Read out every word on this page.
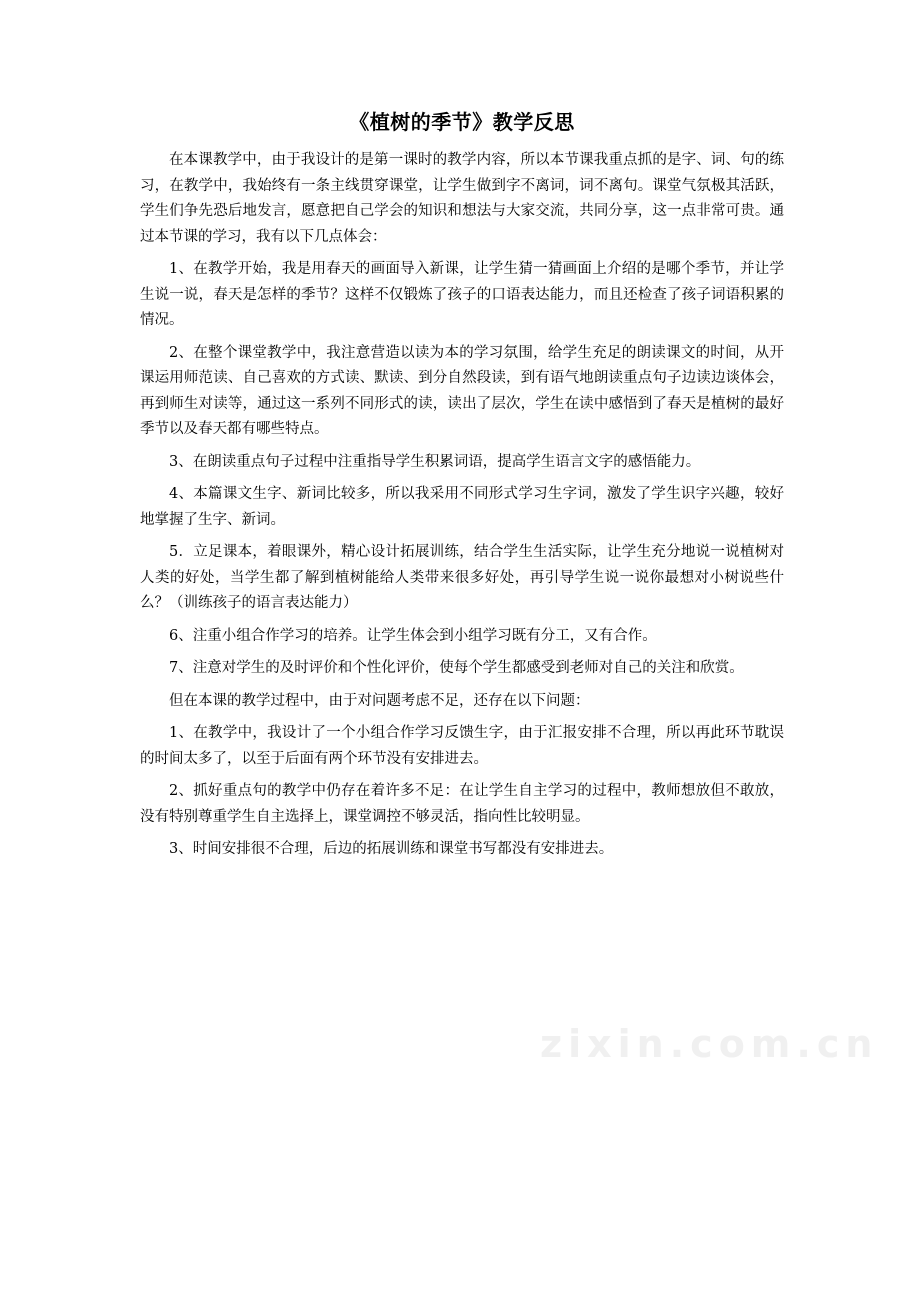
《植树的季节》教学反思

在本课教学中，由于我设计的是第一课时的教学内容，所以本节课我重点抓的是字、词、句的练习，在教学中，我始终有一条主线贯穿课堂，让学生做到字不离词，词不离句。课堂气氛极其活跃，学生们争先恐后地发言，愿意把自己学会的知识和想法与大家交流，共同分享，这一点非常可贵。通过本节课的学习，我有以下几点体会：

1、在教学开始，我是用春天的画面导入新课，让学生猜一猜画面上介绍的是哪个季节，并让学生说一说，春天是怎样的季节？这样不仅锻炼了孩子的口语表达能力，而且还检查了孩子词语积累的情况。

2、在整个课堂教学中，我注意营造以读为本的学习氛围，给学生充足的朗读课文的时间，从开课运用师范读、自己喜欢的方式读、默读、到分自然段读，到有语气地朗读重点句子边读边谈体会，再到师生对读等，通过这一系列不同形式的读，读出了层次，学生在读中感悟到了春天是植树的最好季节以及春天都有哪些特点。

3、在朗读重点句子过程中注重指导学生积累词语，提高学生语言文字的感悟能力。

4、本篇课文生字、新词比较多，所以我采用不同形式学习生字词，激发了学生识字兴趣，较好地掌握了生字、新词。

5．立足课本，着眼课外，精心设计拓展训练，结合学生生活实际，让学生充分地说一说植树对人类的好处，当学生都了解到植树能给人类带来很多好处，再引导学生说一说你最想对小树说些什么？（训练孩子的语言表达能力）

6、注重小组合作学习的培养。让学生体会到小组学习既有分工，又有合作。

7、注意对学生的及时评价和个性化评价，使每个学生都感受到老师对自己的关注和欣赏。

但在本课的教学过程中，由于对问题考虑不足，还存在以下问题：

1、在教学中，我设计了一个小组合作学习反馈生字，由于汇报安排不合理，所以再此环节耽误的时间太多了，以至于后面有两个环节没有安排进去。

2、抓好重点句的教学中仍存在着许多不足：在让学生自主学习的过程中，教师想放但不敢放，没有特别尊重学生自主选择上，课堂调控不够灵活，指向性比较明显。

3、时间安排很不合理，后边的拓展训练和课堂书写都没有安排进去。

zixin.com.cn
